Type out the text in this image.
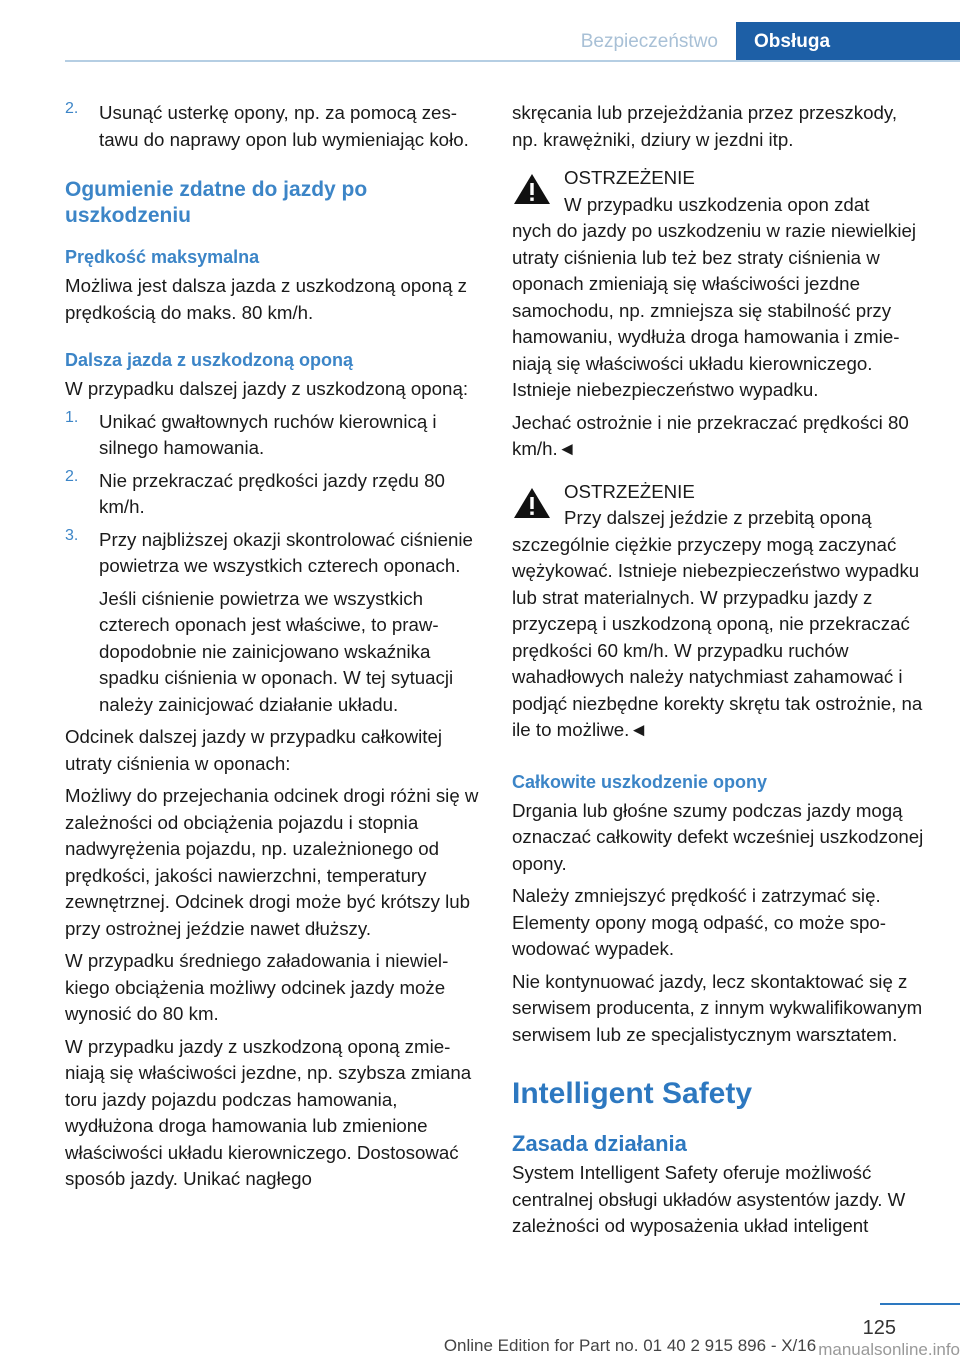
Bezpieczeństwo	Obsługa
2. Usunąć usterkę opony, np. za pomocą zestawu do naprawy opon lub wymieniając koło.

Ogumienie zdatne do jazdy po uszkodzeniu
Prędkość maksymalna

Możliwa jest dalsza jazda z uszkodzoną oponą z prędkością do maks. 80 km/h.

Dalsza jazda z uszkodzoną oponą

W przypadku dalszej jazdy z uszkodzoną oponą:

1. Unikać gwałtownych ruchów kierownicą i silnego hamowania.

2. Nie przekraczać prędkości jazdy rzędu 80 km/h.

3. Przy najbliższej okazji skontrolować ciśnienie powietrza we wszystkich czterech oponach.

Jeśli ciśnienie powietrza we wszystkich czterech oponach jest właściwe, to prawdopodobnie nie zainicjowano wskaźnika spadku ciśnienia w oponach. W tej sytuacji należy zainicjować działanie układu.

Odcinek dalszej jazdy w przypadku całkowitej utraty ciśnienia w oponach:

Możliwy do przejechania odcinek drogi różni się w zależności od obciążenia pojazdu i stopnia nadwyrężenia pojazdu, np. uzależnionego od prędkości, jakości nawierzchni, temperatury zewnętrznej. Odcinek drogi może być krótszy lub przy ostrożnej jeździe nawet dłuższy.

W przypadku średniego załadowania i niewielkiego obciążenia możliwy odcinek jazdy może wynosić do 80 km.

W przypadku jazdy z uszkodzoną oponą zmieniają się właściwości jezdne, np. szybsza zmiana toru jazdy pojazdu podczas hamowania, wydłużona droga hamowania lub zmienione właściwości układu kierowniczego. Dostosować sposób jazdy. Unikać nagłego

skręcania lub przejeżdżania przez przeszkody, np. krawężniki, dziury w jezdni itp.

OSTRZEŻENIE

W przypadku uszkodzenia opon zdat

nych do jazdy po uszkodzeniu w razie niewielkiej utraty ciśnienia lub też bez straty ciśnienia w oponach zmieniają się właściwości jezdne samochodu, np. zmniejsza się stabilność przy hamowaniu, wydłuża droga hamowania i zmieniają się właściwości układu kierowniczego. Istnieje niebezpieczeństwo wypadku.

Jechać ostrożnie i nie przekraczać prędkości 80 km/h.◄

OSTRZEŻENIE

Przy dalszej jeździe z przebitą oponą

szczególnie ciężkie przyczepy mogą zaczynać wężykować. Istnieje niebezpieczeństwo wypadku lub strat materialnych. W przypadku jazdy z przyczepą i uszkodzoną oponą, nie przekraczać prędkości 60 km/h. W przypadku ruchów wahadłowych należy natychmiast zahamować i podjąć niezbędne korekty skrętu tak ostrożnie, na ile to możliwe.◄

Całkowite uszkodzenie opony

Drgania lub głośne szumy podczas jazdy mogą oznaczać całkowity defekt wcześniej uszkodzonej opony.

Należy zmniejszyć prędkość i zatrzymać się. Elementy opony mogą odpaść, co może spowodować wypadek.

Nie kontynuować jazdy, lecz skontaktować się z serwisem producenta, z innym wykwalifikowanym serwisem lub ze specjalistycznym warsztatem.

Intelligent Safety
Zasada działania

System Intelligent Safety oferuje możliwość centralnej obsługi układów asystentów jazdy. W zależności od wyposażenia układ inteligent

125
Online Edition for Part no. 01 40 2 915 896 - X/16 manualsonline.info
